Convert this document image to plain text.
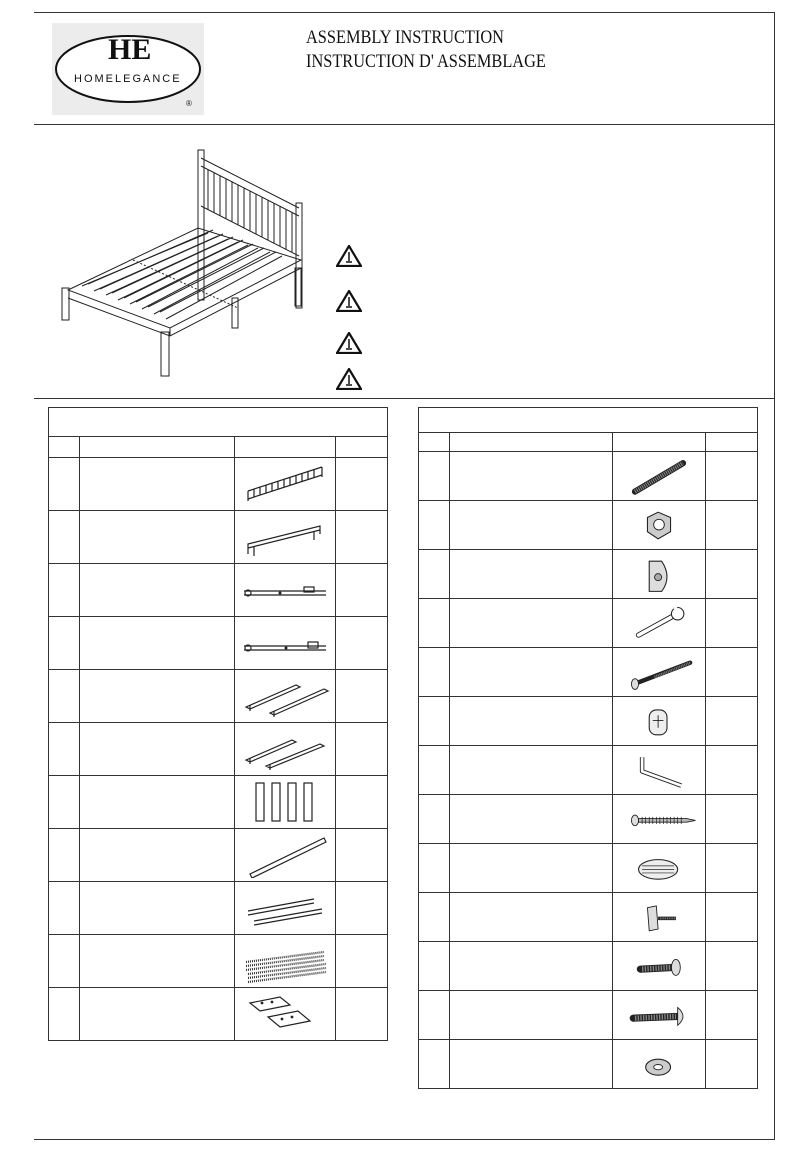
HE
HOMELEGANCE
®
ASSEMBLY INSTRUCTION
INSTRUCTION D' ASSEMBLAGE
